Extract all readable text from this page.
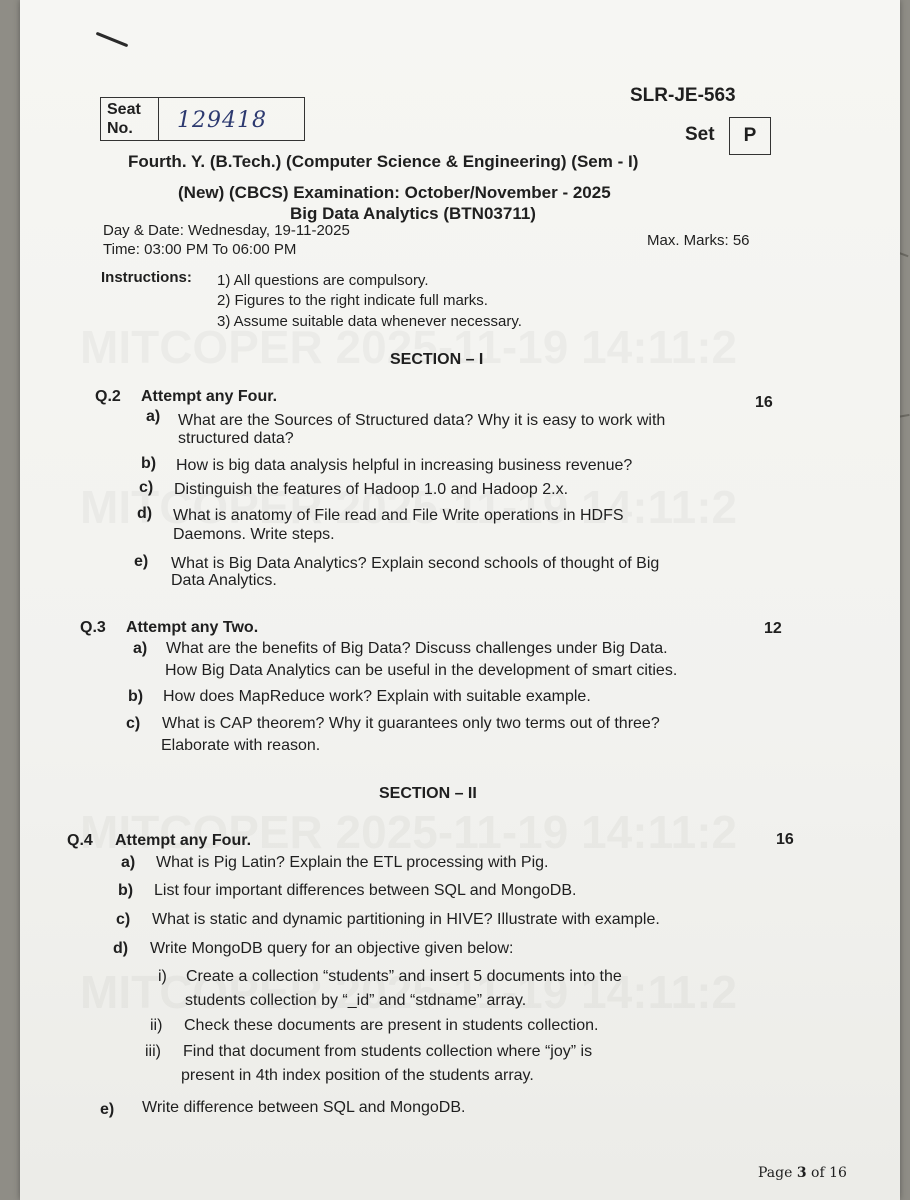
SLR-JE-563
Seat
No.	129418
Set	P
Fourth. Y. (B.Tech.) (Computer Science & Engineering) (Sem - I)
(New) (CBCS) Examination: October/November - 2025
Big Data Analytics (BTN03711)
Day & Date: Wednesday, 19-11-2025
Time: 03:00 PM To 06:00 PM
Max. Marks: 56
Instructions: 1) All questions are compulsory.
2) Figures to the right indicate full marks.
3) Assume suitable data whenever necessary.
SECTION – I
Q.2 Attempt any Four.	16
a) What are the Sources of Structured data? Why it is easy to work with
structured data?
b) How is big data analysis helpful in increasing business revenue?
c) Distinguish the features of Hadoop 1.0 and Hadoop 2.x.
d) What is anatomy of File read and File Write operations in HDFS
Daemons. Write steps.
e) What is Big Data Analytics? Explain second schools of thought of Big
Data Analytics.
Q.3 Attempt any Two.	12
a) What are the benefits of Big Data? Discuss challenges under Big Data.
How Big Data Analytics can be useful in the development of smart cities.
b) How does MapReduce work? Explain with suitable example.
c) What is CAP theorem? Why it guarantees only two terms out of three?
Elaborate with reason.
SECTION – II
Q.4 Attempt any Four.	16
a) What is Pig Latin? Explain the ETL processing with Pig.
b) List four important differences between SQL and MongoDB.
c) What is static and dynamic partitioning in HIVE? Illustrate with example.
d) Write MongoDB query for an objective given below:
i) Create a collection “students” and insert 5 documents into the
students collection by “_id” and “stdname” array.
ii) Check these documents are present in students collection.
iii) Find that document from students collection where “joy” is
present in 4th index position of the students array.
e) Write difference between SQL and MongoDB.
Page 3 of 16
